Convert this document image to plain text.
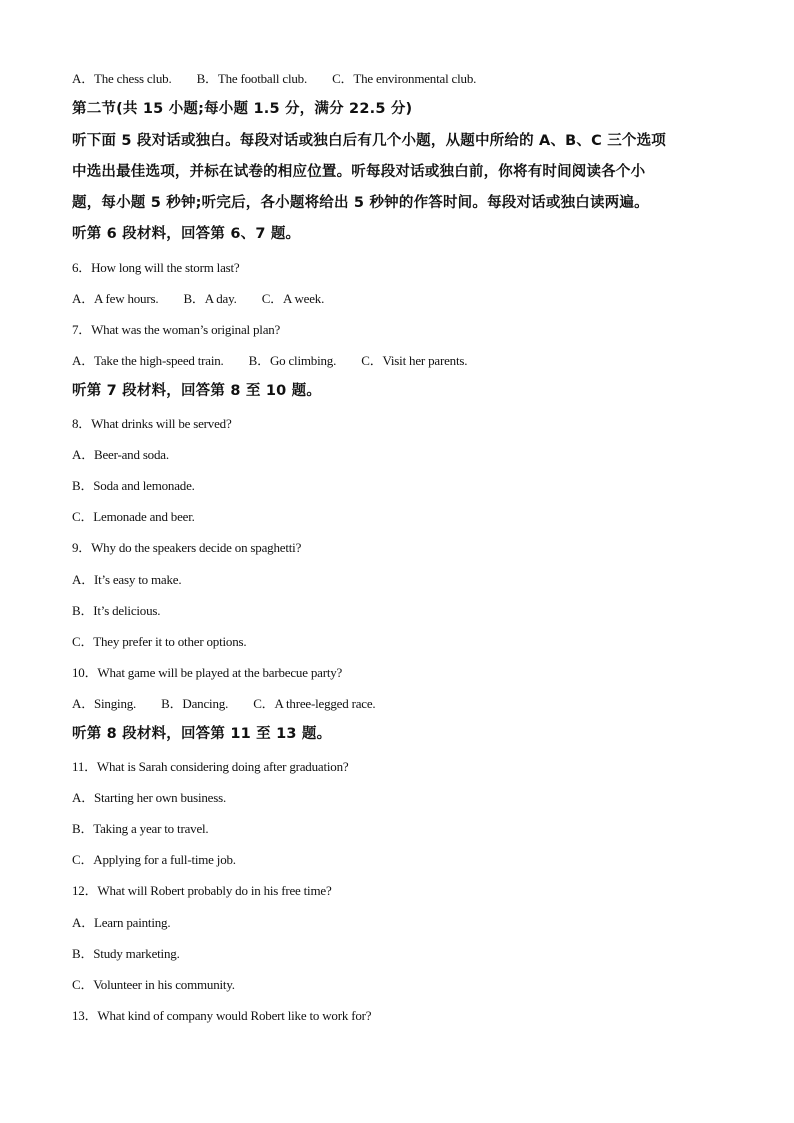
A．The chess club. B．The football club. C．The environmental club.
第二节(共 15 小题;每小题 1.5 分，满分 22.5 分)
听下面 5 段对话或独白。每段对话或独白后有几个小题，从题中所给的 A、B、C 三个选项
中选出最佳选项，并标在试卷的相应位置。听每段对话或独白前，你将有时间阅读各个小
题，每小题 5 秒钟;听完后，各小题将给出 5 秒钟的作答时间。每段对话或独白读两遍。
听第 6 段材料，回答第 6、7 题。
6．How long will the storm last?
A．A few hours. B．A day. C．A week.
7．What was the woman’s original plan?
A．Take the high-speed train. B．Go climbing. C．Visit her parents.
听第 7 段材料，回答第 8 至 10 题。
8．What drinks will be served?
A．Beer-and soda.
B．Soda and lemonade.
C．Lemonade and beer.
9．Why do the speakers decide on spaghetti?
A．It’s easy to make.
B．It’s delicious.
C．They prefer it to other options.
10．What game will be played at the barbecue party?
A．Singing. B．Dancing. C．A three-legged race.
听第 8 段材料，回答第 11 至 13 题。
11．What is Sarah considering doing after graduation?
A．Starting her own business.
B．Taking a year to travel.
C．Applying for a full-time job.
12．What will Robert probably do in his free time?
A．Learn painting.
B．Study marketing.
C．Volunteer in his community.
13．What kind of company would Robert like to work for?
